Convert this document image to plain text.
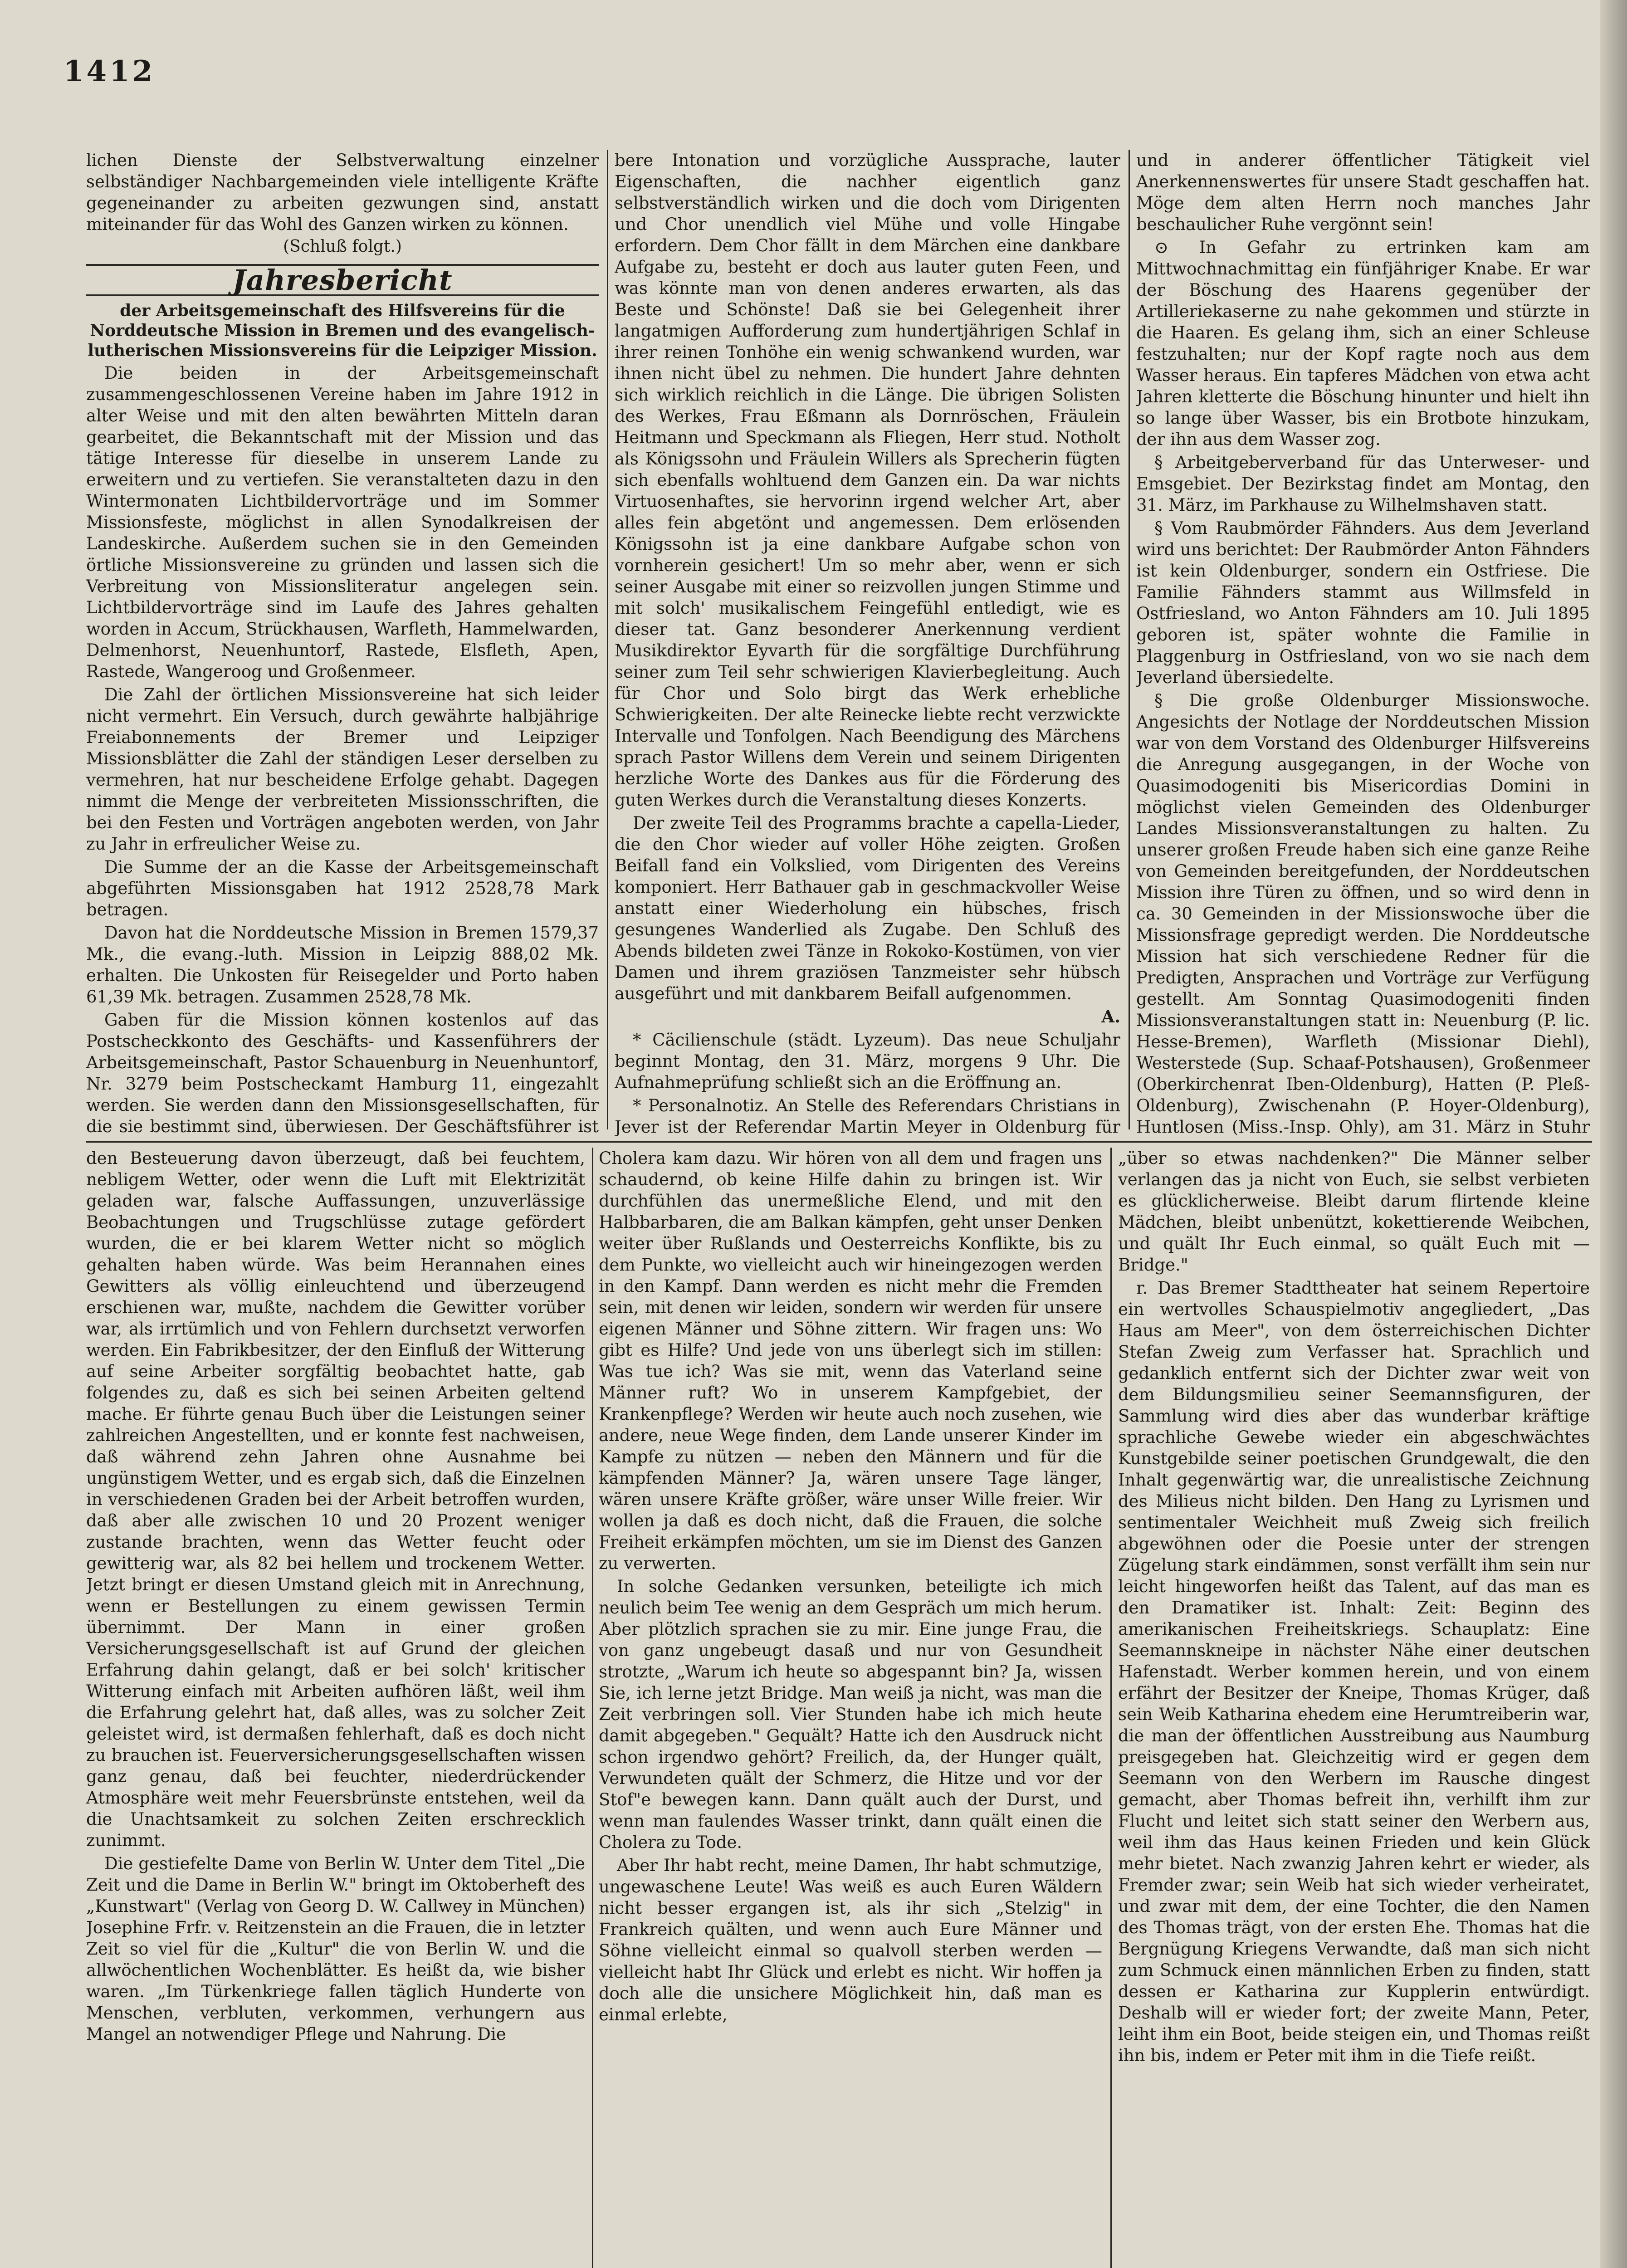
1412

lichen Dienste der Selbstverwaltung einzelner selbständiger Nachbargemeinden viele intelligente Kräfte gegeneinander zu arbeiten gezwungen sind, anstatt miteinander für das Wohl des Ganzen wirken zu können.

(Schluß folgt.)

Jahresbericht

der Arbeitsgemeinschaft des Hilfsvereins für die Norddeutsche Mission in Bremen und des evangelisch-lutherischen Missionsvereins für die Leipziger Mission.

Die beiden in der Arbeitsgemeinschaft zusammengeschlossenen Vereine haben im Jahre 1912 in alter Weise und mit den alten bewährten Mitteln daran gearbeitet, die Bekanntschaft mit der Mission und das tätige Interesse für dieselbe in unserem Lande zu erweitern und zu vertiefen. Sie veranstalteten dazu in den Wintermonaten Lichtbildervorträge und im Sommer Missionsfeste, möglichst in allen Synodalkreisen der Landeskirche. Außerdem suchen sie in den Gemeinden örtliche Missionsvereine zu gründen und lassen sich die Verbreitung von Missionsliteratur angelegen sein. Lichtbildervorträge sind im Laufe des Jahres gehalten worden in Accum, Strückhausen, Warfleth, Hammelwarden, Delmenhorst, Neuenhuntorf, Rastede, Elsfleth, Apen, Rastede, Wangeroog und Großenmeer.

Die Zahl der örtlichen Missionsvereine hat sich leider nicht vermehrt. Ein Versuch, durch gewährte halbjährige Freiabonnements der Bremer und Leipziger Missionsblätter die Zahl der ständigen Leser derselben zu vermehren, hat nur bescheidene Erfolge gehabt. Dagegen nimmt die Menge der verbreiteten Missionsschriften, die bei den Festen und Vorträgen angeboten werden, von Jahr zu Jahr in erfreulicher Weise zu.

Die Summe der an die Kasse der Arbeitsgemeinschaft abgeführten Missionsgaben hat 1912 2528,78 Mark betragen.

Davon hat die Norddeutsche Mission in Bremen 1579,37 Mk., die evang.-luth. Mission in Leipzig 888,02 Mk. erhalten. Die Unkosten für Reisegelder und Porto haben 61,39 Mk. betragen. Zusammen 2528,78 Mk.

Gaben für die Mission können kostenlos auf das Postscheckkonto des Geschäfts- und Kassenführers der Arbeitsgemeinschaft, Pastor Schauenburg in Neuenhuntorf, Nr. 3279 beim Postscheckamt Hamburg 11, eingezahlt werden. Sie werden dann den Missionsgesellschaften, für die sie bestimmt sind, überwiesen. Der Geschäftsführer ist

bere Intonation und vorzügliche Aussprache, lauter Eigenschaften, die nachher eigentlich ganz selbstverständlich wirken und die doch vom Dirigenten und Chor unendlich viel Mühe und volle Hingabe erfordern. Dem Chor fällt in dem Märchen eine dankbare Aufgabe zu, besteht er doch aus lauter guten Feen, und was könnte man von denen anderes erwarten, als das Beste und Schönste! Daß sie bei Gelegenheit ihrer langatmigen Aufforderung zum hundertjährigen Schlaf in ihrer reinen Tonhöhe ein wenig schwankend wurden, war ihnen nicht übel zu nehmen. Die hundert Jahre dehnten sich wirklich reichlich in die Länge. Die übrigen Solisten des Werkes, Frau Eßmann als Dornröschen, Fräulein Heitmann und Speckmann als Fliegen, Herr stud. Notholt als Königssohn und Fräulein Willers als Sprecherin fügten sich ebenfalls wohltuend dem Ganzen ein. Da war nichts Virtuosenhaftes, sie hervorinn irgend welcher Art, aber alles fein abgetönt und angemessen. Dem erlösenden Königssohn ist ja eine dankbare Aufgabe schon von vornherein gesichert! Um so mehr aber, wenn er sich seiner Ausgabe mit einer so reizvollen jungen Stimme und mit solch' musikalischem Feingefühl entledigt, wie es dieser tat. Ganz besonderer Anerkennung verdient Musikdirektor Eyvarth für die sorgfältige Durchführung seiner zum Teil sehr schwierigen Klavierbegleitung. Auch für Chor und Solo birgt das Werk erhebliche Schwierigkeiten. Der alte Reinecke liebte recht verzwickte Intervalle und Tonfolgen. Nach Beendigung des Märchens sprach Pastor Willens dem Verein und seinem Dirigenten herzliche Worte des Dankes aus für die Förderung des guten Werkes durch die Veranstaltung dieses Konzerts.

Der zweite Teil des Programms brachte a capella-Lieder, die den Chor wieder auf voller Höhe zeigten. Großen Beifall fand ein Volkslied, vom Dirigenten des Vereins komponiert. Herr Bathauer gab in geschmackvoller Weise anstatt einer Wiederholung ein hübsches, frisch gesungenes Wanderlied als Zugabe. Den Schluß des Abends bildeten zwei Tänze in Rokoko-Kostümen, von vier Damen und ihrem graziösen Tanzmeister sehr hübsch ausgeführt und mit dankbarem Beifall aufgenommen.

A.

* Cäcilienschule (städt. Lyzeum). Das neue Schuljahr beginnt Montag, den 31. März, morgens 9 Uhr. Die Aufnahmeprüfung schließt sich an die Eröffnung an.

* Personalnotiz. An Stelle des Referendars Christians in Jever ist der Referendar Martin Meyer in Oldenburg für

und in anderer öffentlicher Tätigkeit viel Anerkennenswertes für unsere Stadt geschaffen hat. Möge dem alten Herrn noch manches Jahr beschaulicher Ruhe vergönnt sein!

⊙ In Gefahr zu ertrinken kam am Mittwochnachmittag ein fünfjähriger Knabe. Er war der Böschung des Haarens gegenüber der Artilleriekaserne zu nahe gekommen und stürzte in die Haaren. Es gelang ihm, sich an einer Schleuse festzuhalten; nur der Kopf ragte noch aus dem Wasser heraus. Ein tapferes Mädchen von etwa acht Jahren kletterte die Böschung hinunter und hielt ihn so lange über Wasser, bis ein Brotbote hinzukam, der ihn aus dem Wasser zog.

§ Arbeitgeberverband für das Unterweser- und Emsgebiet. Der Bezirkstag findet am Montag, den 31. März, im Parkhause zu Wilhelmshaven statt.

§ Vom Raubmörder Fähnders. Aus dem Jeverland wird uns berichtet: Der Raubmörder Anton Fähnders ist kein Oldenburger, sondern ein Ostfriese. Die Familie Fähnders stammt aus Willmsfeld in Ostfriesland, wo Anton Fähnders am 10. Juli 1895 geboren ist, später wohnte die Familie in Plaggenburg in Ostfriesland, von wo sie nach dem Jeverland übersiedelte.

§ Die große Oldenburger Missionswoche. Angesichts der Notlage der Norddeutschen Mission war von dem Vorstand des Oldenburger Hilfsvereins die Anregung ausgegangen, in der Woche von Quasimodogeniti bis Misericordias Domini in möglichst vielen Gemeinden des Oldenburger Landes Missionsveranstaltungen zu halten. Zu unserer großen Freude haben sich eine ganze Reihe von Gemeinden bereitgefunden, der Norddeutschen Mission ihre Türen zu öffnen, und so wird denn in ca. 30 Gemeinden in der Missionswoche über die Missionsfrage gepredigt werden. Die Norddeutsche Mission hat sich verschiedene Redner für die Predigten, Ansprachen und Vorträge zur Verfügung gestellt. Am Sonntag Quasimodogeniti finden Missionsveranstaltungen statt in: Neuenburg (P. lic. Hesse-Bremen), Warfleth (Missionar Diehl), Westerstede (Sup. Schaaf-Potshausen), Großenmeer (Oberkirchenrat Iben-Oldenburg), Hatten (P. Pleß-Oldenburg), Zwischenahn (P. Hoyer-Oldenburg), Huntlosen (Miss.-Insp. Ohly), am 31. März in Stuhr

den Besteuerung davon überzeugt, daß bei feuchtem, nebligem Wetter, oder wenn die Luft mit Elektrizität geladen war, falsche Auffassungen, unzuverlässige Beobachtungen und Trugschlüsse zutage gefördert wurden, die er bei klarem Wetter nicht so möglich gehalten haben würde. Was beim Herannahen eines Gewitters als völlig einleuchtend und überzeugend erschienen war, mußte, nachdem die Gewitter vorüber war, als irrtümlich und von Fehlern durchsetzt verworfen werden. Ein Fabrikbesitzer, der den Einfluß der Witterung auf seine Arbeiter sorgfältig beobachtet hatte, gab folgendes zu, daß es sich bei seinen Arbeiten geltend mache. Er führte genau Buch über die Leistungen seiner zahlreichen Angestellten, und er konnte fest nachweisen, daß während zehn Jahren ohne Ausnahme bei ungünstigem Wetter, und es ergab sich, daß die Einzelnen in verschiedenen Graden bei der Arbeit betroffen wurden, daß aber alle zwischen 10 und 20 Prozent weniger zustande brachten, wenn das Wetter feucht oder gewitterig war, als 82 bei hellem und trockenem Wetter. Jetzt bringt er diesen Umstand gleich mit in Anrechnung, wenn er Bestellungen zu einem gewissen Termin übernimmt. Der Mann in einer großen Versicherungsgesellschaft ist auf Grund der gleichen Erfahrung dahin gelangt, daß er bei solch' kritischer Witterung einfach mit Arbeiten aufhören läßt, weil ihm die Erfahrung gelehrt hat, daß alles, was zu solcher Zeit geleistet wird, ist dermaßen fehlerhaft, daß es doch nicht zu brauchen ist. Feuerversicherungsgesellschaften wissen ganz genau, daß bei feuchter, niederdrückender Atmosphäre weit mehr Feuersbrünste entstehen, weil da die Unachtsamkeit zu solchen Zeiten erschrecklich zunimmt.

Die gestiefelte Dame von Berlin W. Unter dem Titel „Die Zeit und die Dame in Berlin W." bringt im Oktoberheft des „Kunstwart" (Verlag von Georg D. W. Callwey in München) Josephine Frfr. v. Reitzenstein an die Frauen, die in letzter Zeit so viel für die „Kultur" die von Berlin W. und die allwöchentlichen Wochenblätter. Es heißt da, wie bisher waren. „Im Türkenkriege fallen täglich Hunderte von Menschen, verbluten, verkommen, verhungern aus Mangel an notwendiger Pflege und Nahrung. Die

Cholera kam dazu. Wir hören von all dem und fragen uns schaudernd, ob keine Hilfe dahin zu bringen ist. Wir durchfühlen das unermeßliche Elend, und mit den Halbbarbaren, die am Balkan kämpfen, geht unser Denken weiter über Rußlands und Oesterreichs Konflikte, bis zu dem Punkte, wo vielleicht auch wir hineingezogen werden in den Kampf. Dann werden es nicht mehr die Fremden sein, mit denen wir leiden, sondern wir werden für unsere eigenen Männer und Söhne zittern. Wir fragen uns: Wo gibt es Hilfe? Und jede von uns überlegt sich im stillen: Was tue ich? Was sie mit, wenn das Vaterland seine Männer ruft? Wo in unserem Kampfgebiet, der Krankenpflege? Werden wir heute auch noch zusehen, wie andere, neue Wege finden, dem Lande unserer Kinder im Kampfe zu nützen — neben den Männern und für die kämpfenden Männer? Ja, wären unsere Tage länger, wären unsere Kräfte größer, wäre unser Wille freier. Wir wollen ja daß es doch nicht, daß die Frauen, die solche Freiheit erkämpfen möchten, um sie im Dienst des Ganzen zu verwerten.

In solche Gedanken versunken, beteiligte ich mich neulich beim Tee wenig an dem Gespräch um mich herum. Aber plötzlich sprachen sie zu mir. Eine junge Frau, die von ganz ungebeugt dasaß und nur von Gesundheit strotzte, „Warum ich heute so abgespannt bin? Ja, wissen Sie, ich lerne jetzt Bridge. Man weiß ja nicht, was man die Zeit verbringen soll. Vier Stunden habe ich mich heute damit abgegeben." Gequält? Hatte ich den Ausdruck nicht schon irgendwo gehört? Freilich, da, der Hunger quält, Verwundeten quält der Schmerz, die Hitze und vor der Stof"e bewegen kann. Dann quält auch der Durst, und wenn man faulendes Wasser trinkt, dann quält einen die Cholera zu Tode.

Aber Ihr habt recht, meine Damen, Ihr habt schmutzige, ungewaschene Leute! Was weiß es auch Euren Wäldern nicht besser ergangen ist, als ihr sich „Stelzig" in Frankreich quälten, und wenn auch Eure Männer und Söhne vielleicht einmal so qualvoll sterben werden — vielleicht habt Ihr Glück und erlebt es nicht. Wir hoffen ja doch alle die unsichere Möglichkeit hin, daß man es einmal erlebte,

„über so etwas nachdenken?" Die Männer selber verlangen das ja nicht von Euch, sie selbst verbieten es glücklicherweise. Bleibt darum flirtende kleine Mädchen, bleibt unbenützt, kokettierende Weibchen, und quält Ihr Euch einmal, so quält Euch mit — Bridge."

r. Das Bremer Stadttheater hat seinem Repertoire ein wertvolles Schauspielmotiv angegliedert, „Das Haus am Meer", von dem österreichischen Dichter Stefan Zweig zum Verfasser hat. Sprachlich und gedanklich entfernt sich der Dichter zwar weit von dem Bildungsmilieu seiner Seemannsfiguren, der Sammlung wird dies aber das wunderbar kräftige sprachliche Gewebe wieder ein abgeschwächtes Kunstgebilde seiner poetischen Grundgewalt, die den Inhalt gegenwärtig war, die unrealistische Zeichnung des Milieus nicht bilden. Den Hang zu Lyrismen und sentimentaler Weichheit muß Zweig sich freilich abgewöhnen oder die Poesie unter der strengen Zügelung stark eindämmen, sonst verfällt ihm sein nur leicht hingeworfen heißt das Talent, auf das man es den Dramatiker ist. Inhalt: Zeit: Beginn des amerikanischen Freiheitskriegs. Schauplatz: Eine Seemannskneipe in nächster Nähe einer deutschen Hafenstadt. Werber kommen herein, und von einem erfährt der Besitzer der Kneipe, Thomas Krüger, daß sein Weib Katharina ehedem eine Herumtreiberin war, die man der öffentlichen Ausstreibung aus Naumburg preisgegeben hat. Gleichzeitig wird er gegen dem Seemann von den Werbern im Rausche dingest gemacht, aber Thomas befreit ihn, verhilft ihm zur Flucht und leitet sich statt seiner den Werbern aus, weil ihm das Haus keinen Frieden und kein Glück mehr bietet. Nach zwanzig Jahren kehrt er wieder, als Fremder zwar; sein Weib hat sich wieder verheiratet, und zwar mit dem, der eine Tochter, die den Namen des Thomas trägt, von der ersten Ehe. Thomas hat die Bergnügung Kriegens Verwandte, daß man sich nicht zum Schmuck einen männlichen Erben zu finden, statt dessen er Katharina zur Kupplerin entwürdigt. Deshalb will er wieder fort; der zweite Mann, Peter, leiht ihm ein Boot, beide steigen ein, und Thomas reißt ihn bis, indem er Peter mit ihm in die Tiefe reißt.
